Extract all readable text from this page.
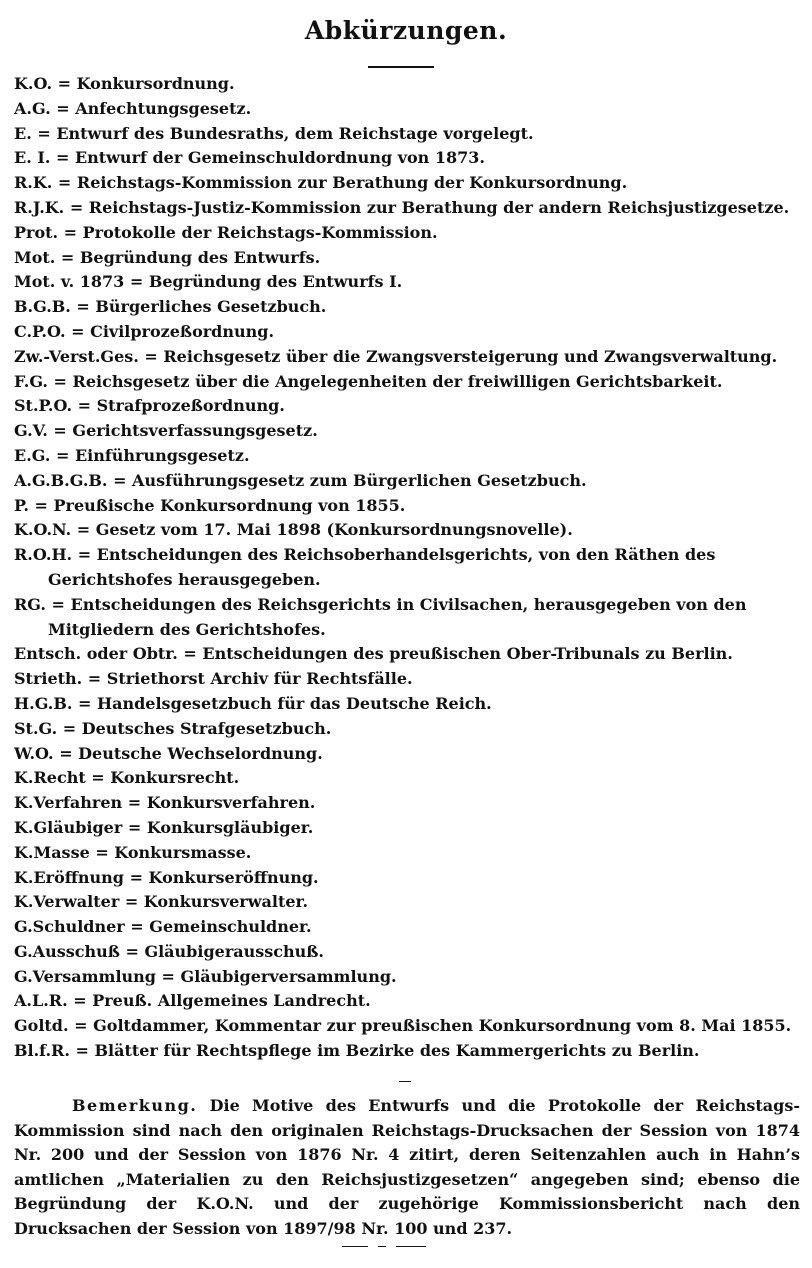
Abkürzungen.
K.O. = Konkursordnung.
A.G. = Anfechtungsgesetz.
E. = Entwurf des Bundesraths, dem Reichstage vorgelegt.
E. I. = Entwurf der Gemeinschuldordnung von 1873.
R.K. = Reichstags-Kommission zur Berathung der Konkursordnung.
R.J.K. = Reichstags-Justiz-Kommission zur Berathung der andern Reichsjustizgesetze.
Prot. = Protokolle der Reichstags-Kommission.
Mot. = Begründung des Entwurfs.
Mot. v. 1873 = Begründung des Entwurfs I.
B.G.B. = Bürgerliches Gesetzbuch.
C.P.O. = Civilprozeßordnung.
Zw.-Verst.Ges. = Reichsgesetz über die Zwangsversteigerung und Zwangsverwaltung.
F.G. = Reichsgesetz über die Angelegenheiten der freiwilligen Gerichtsbarkeit.
St.P.O. = Strafprozeßordnung.
G.V. = Gerichtsverfassungsgesetz.
E.G. = Einführungsgesetz.
A.G.B.G.B. = Ausführungsgesetz zum Bürgerlichen Gesetzbuch.
P. = Preußische Konkursordnung von 1855.
K.O.N. = Gesetz vom 17. Mai 1898 (Konkursordnungsnovelle).
R.O.H. = Entscheidungen des Reichsoberhandelsgerichts, von den Räthen des Gerichtshofes herausgegeben.
RG. = Entscheidungen des Reichsgerichts in Civilsachen, herausgegeben von den Mitgliedern des Gerichtshofes.
Entsch. oder Obtr. = Entscheidungen des preußischen Ober-Tribunals zu Berlin.
Strieth. = Striethorst Archiv für Rechtsfälle.
H.G.B. = Handelsgesetzbuch für das Deutsche Reich.
St.G. = Deutsches Strafgesetzbuch.
W.O. = Deutsche Wechselordnung.
K.Recht = Konkursrecht.
K.Verfahren = Konkursverfahren.
K.Gläubiger = Konkursgläubiger.
K.Masse = Konkursmasse.
K.Eröffnung = Konkurseröffnung.
K.Verwalter = Konkursverwalter.
G.Schuldner = Gemeinschuldner.
G.Ausschuß = Gläubigerausschuß.
G.Versammlung = Gläubigerversammlung.
A.L.R. = Preuß. Allgemeines Landrecht.
Goltd. = Goltdammer, Kommentar zur preußischen Konkursordnung vom 8. Mai 1855.
Bl.f.R. = Blätter für Rechtspflege im Bezirke des Kammergerichts zu Berlin.

Bemerkung. Die Motive des Entwurfs und die Protokolle der Reichstags-Kommission sind nach den originalen Reichstags-Drucksachen der Session von 1874 Nr. 200 und der Session von 1876 Nr. 4 zitirt, deren Seitenzahlen auch in Hahn’s amtlichen „Materialien zu den Reichsjustizgesetzen“ angegeben sind; ebenso die Begründung der K.O.N. und der zugehörige Kommissionsbericht nach den Drucksachen der Session von 1897/98 Nr. 100 und 237.
